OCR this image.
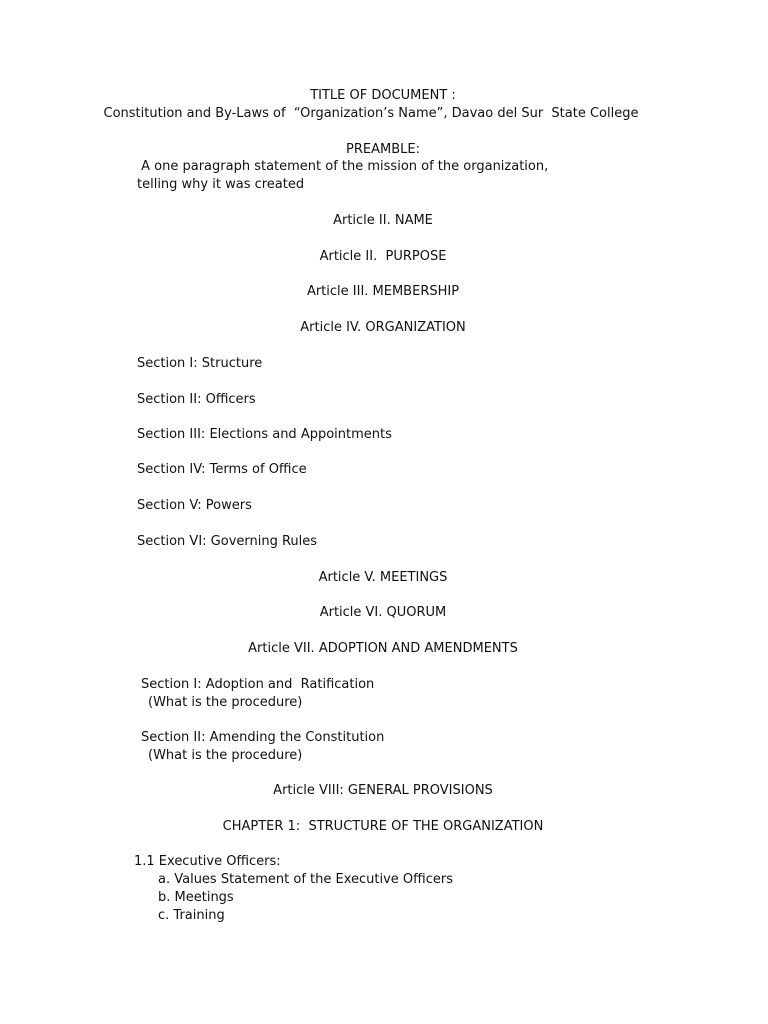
TITLE OF DOCUMENT :

Constitution and By-Laws of  “Organization’s Name”, Davao del Sur  State College

PREAMBLE:

A one paragraph statement of the mission of the organization,

telling why it was created

Article II. NAME

Article II.  PURPOSE

Article III. MEMBERSHIP

Article IV. ORGANIZATION

Section I: Structure

Section II: Officers

Section III: Elections and Appointments

Section IV: Terms of Office

Section V: Powers

Section VI: Governing Rules

Article V. MEETINGS

Article VI. QUORUM

Article VII. ADOPTION AND AMENDMENTS

Section I: Adoption and  Ratification

(What is the procedure)

Section II: Amending the Constitution

(What is the procedure)

Article VIII: GENERAL PROVISIONS

CHAPTER 1:  STRUCTURE OF THE ORGANIZATION

1.1 Executive Officers:

a. Values Statement of the Executive Officers

b. Meetings

c. Training
